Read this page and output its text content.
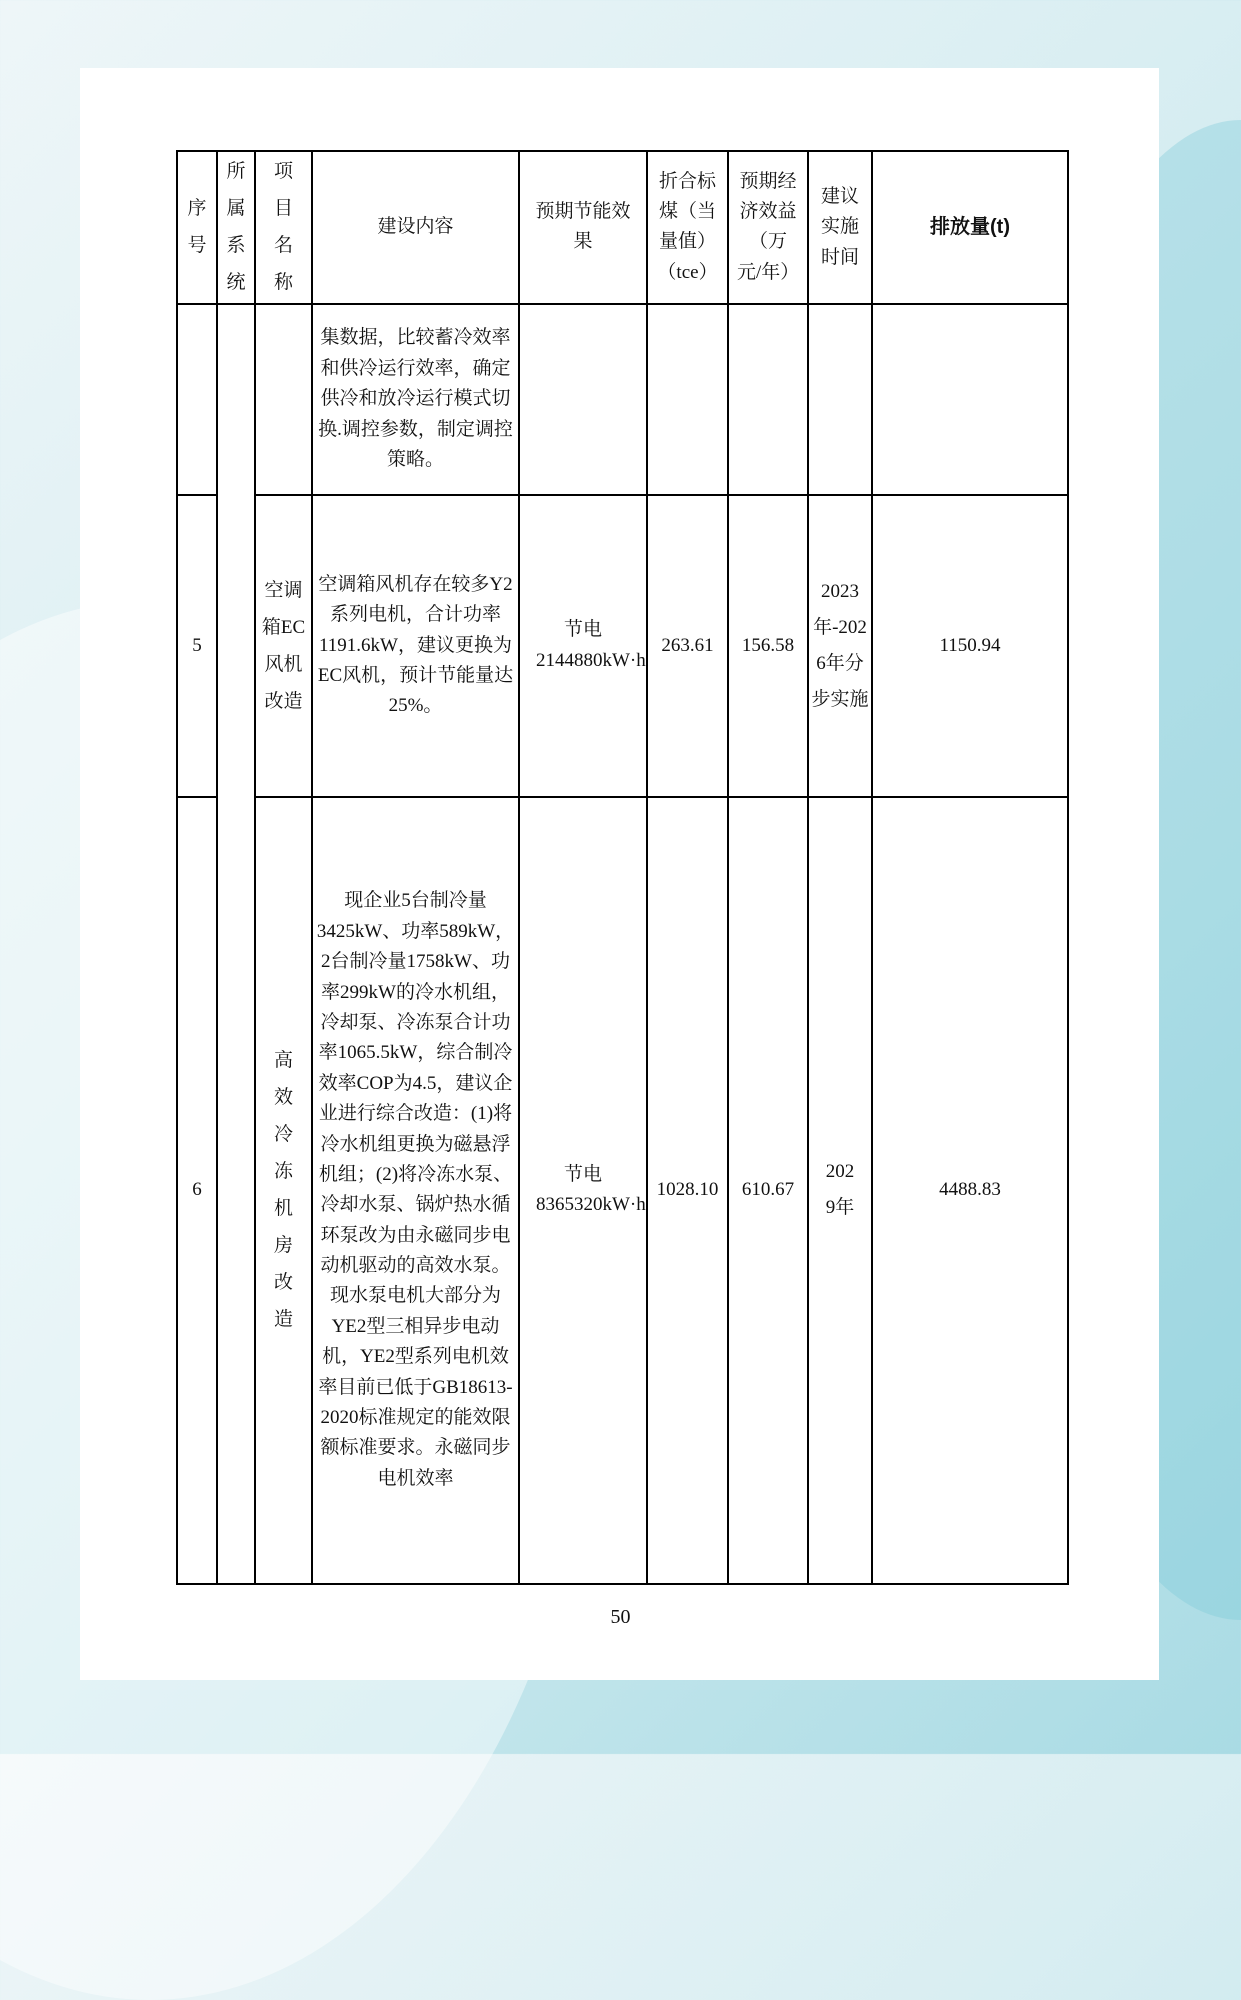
序号	所属系统	项目名称	建设内容	预期节能效果	折合标煤（当量值）（tce）	预期经济效益（万元/年）	建议实施时间	排放量(t)
			集数据，比较蓄冷效率和供冷运行效率，确定供冷和放冷运行模式切换.调控参数，制定调控策略。					
5		空调箱EC风机改造	空调箱风机存在较多Y2系列电机，合计功率1191.6kW，建议更换为EC风机，预计节能量达25%。	节电2144880kW·h	263.61	156.58	2023年-2026年分步实施	1150.94
6		高效冷冻机房改造	现企业5台制冷量3425kW、功率589kW，2台制冷量1758kW、功率299kW的冷水机组，冷却泵、冷冻泵合计功率1065.5kW，综合制冷效率COP为4.5，建议企业进行综合改造：(1)将冷水机组更换为磁悬浮机组；(2)将冷冻水泵、冷却水泵、锅炉热水循环泵改为由永磁同步电动机驱动的高效水泵。现水泵电机大部分为YE2型三相异步电动机，YE2型系列电机效率目前已低于GB18613-2020标准规定的能效限额标准要求。永磁同步电机效率	节电8365320kW·h	1028.10	610.67	2029年	4488.83
50
